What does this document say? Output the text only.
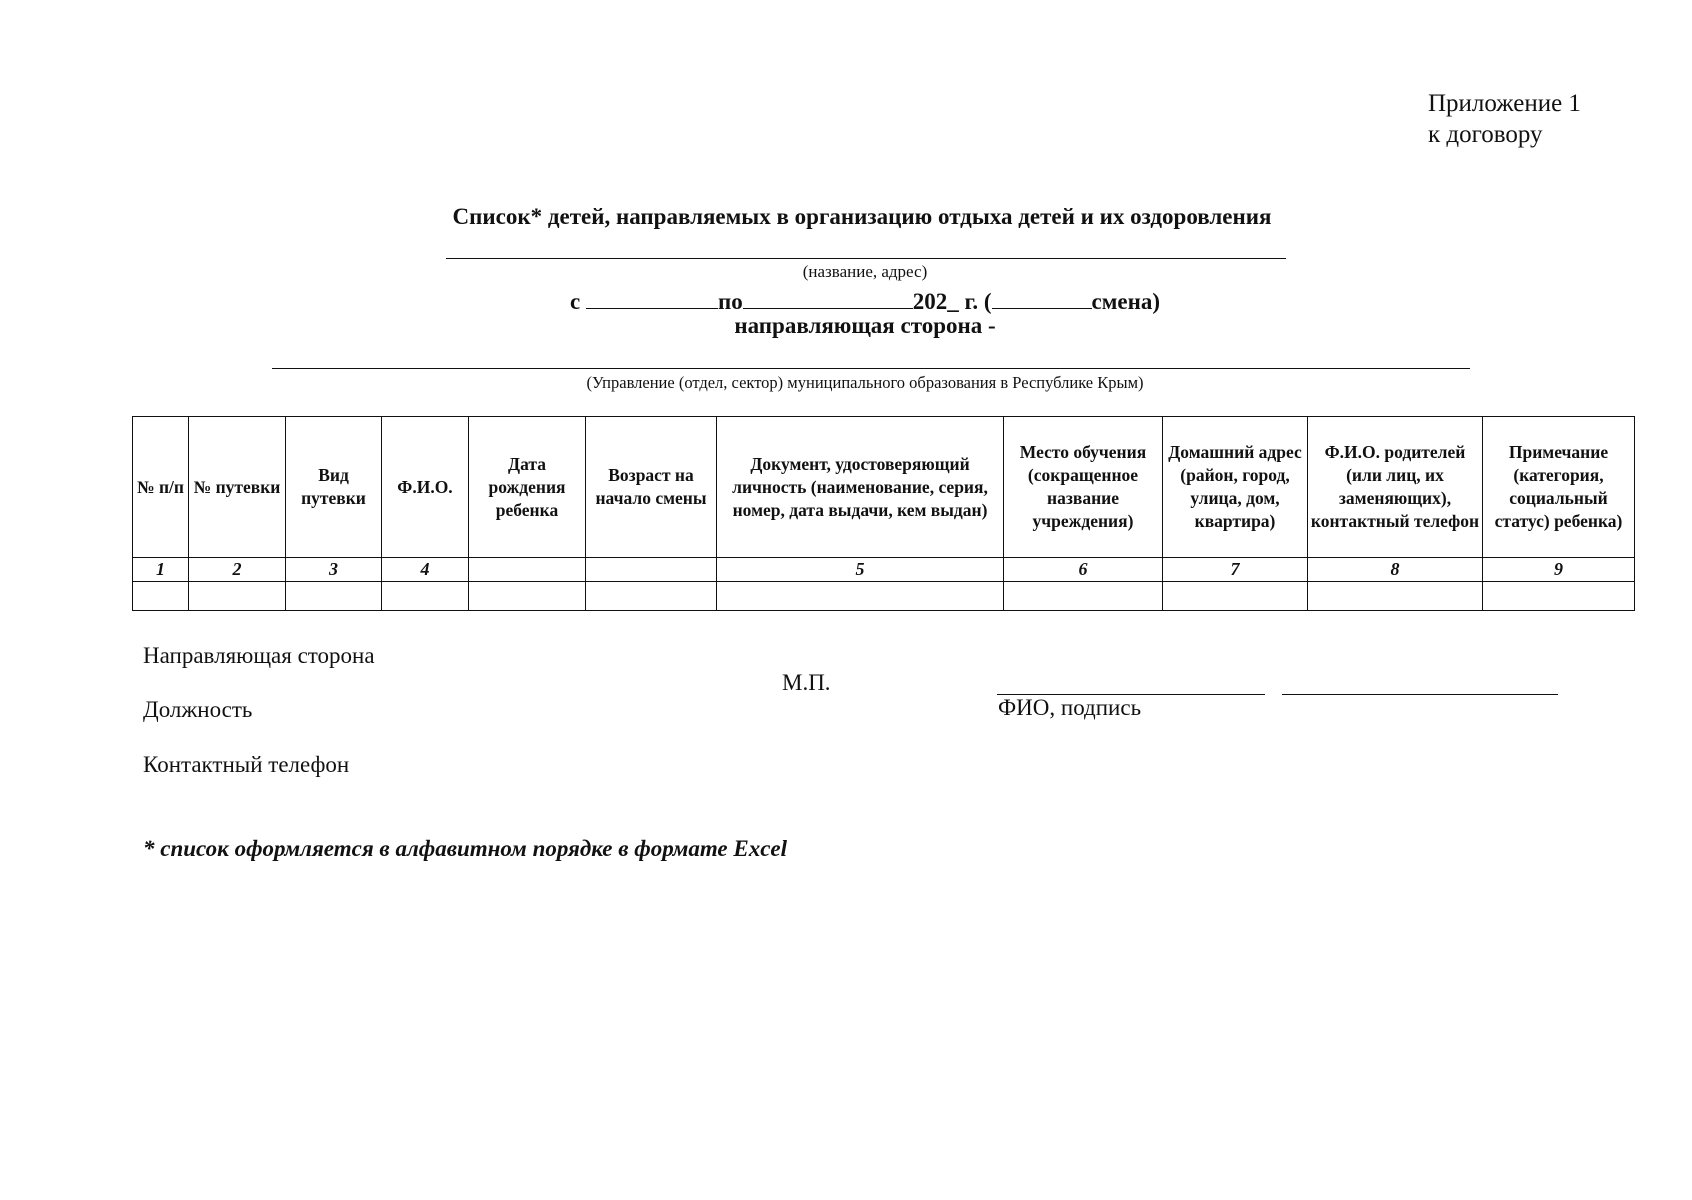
Приложение 1
к договору
Список* детей, направляемых в организацию отдыха детей и их оздоровления
(название, адрес)
с	по	202_ г. (	смена)
направляющая сторона -
(Управление (отдел, сектор) муниципального образования в Республике Крым)
№ п/п	№ путевки	Вид путевки	Ф.И.О.	Дата рождения ребенка	Возраст на начало смены	Документ, удостоверяющий личность (наименование, серия, номер, дата выдачи, кем выдан)	Место обучения (сокращенное название учреждения)	Домашний адрес (район, город, улица, дом, квартира)	Ф.И.О. родителей (или лиц, их заменяющих), контактный телефон	Примечание (категория, социальный статус) ребенка)
1	2	3	4			5	6	7	8	9

Направляющая сторона
М.П.
Должность	ФИО, подпись
Контактный телефон
* список оформляется в алфавитном порядке в формате Excel
